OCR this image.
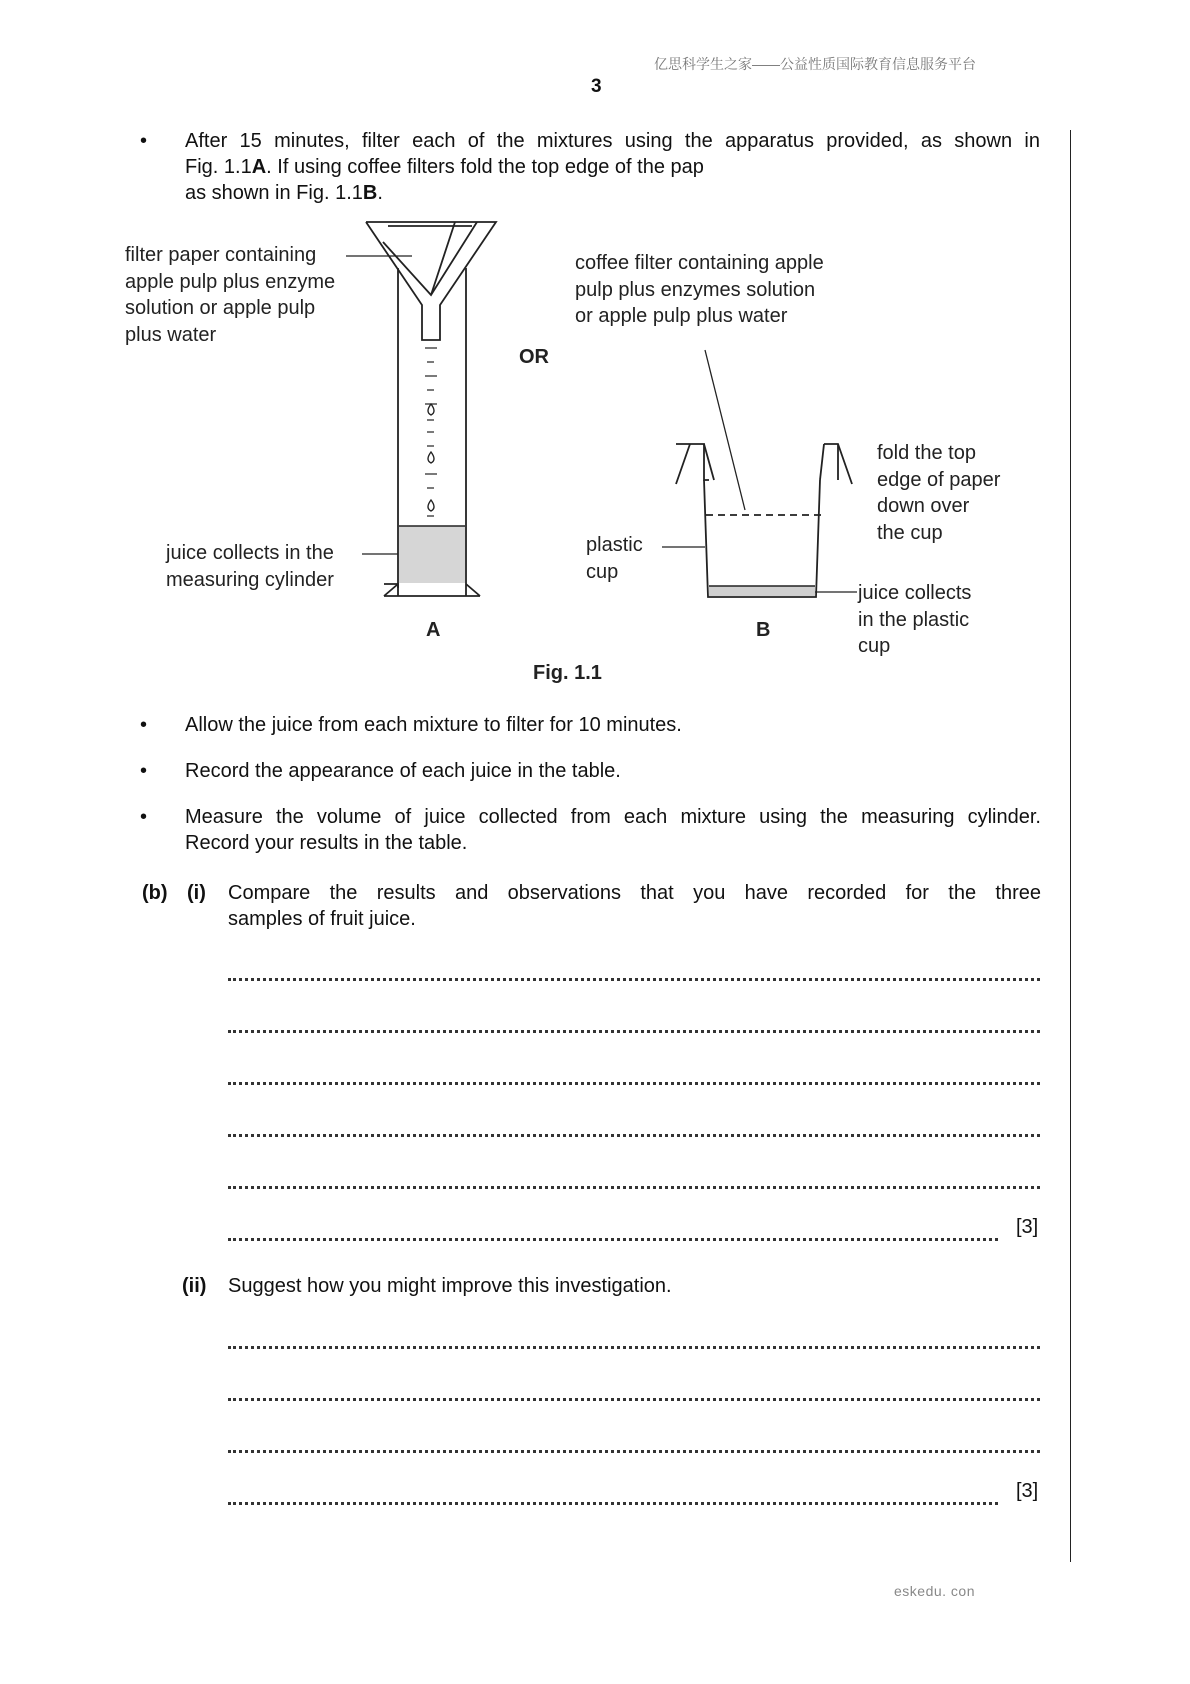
亿思科学生之家——公益性质国际教育信息服务平台
3
• After 15 minutes, filter each of the mixtures using the apparatus provided, as shown in
Fig. 1.1A. If using coffee filters fold the top edge of the pap
as shown in Fig. 1.1B.
filter paper containing
apple pulp plus enzyme
solution or apple pulp
plus water
juice collects in the
measuring cylinder
OR
coffee filter containing apple
pulp plus enzymes solution
or apple pulp plus water
fold the top
edge of paper
down over
the cup
plastic
cup
juice collects
in the plastic
cup
A	B
Fig. 1.1
• Allow the juice from each mixture to filter for 10 minutes.
• Record the appearance of each juice in the table.
• Measure the volume of juice collected from each mixture using the measuring cylinder.
Record your results in the table.
(b) (i) Compare the results and observations that you have recorded for the three
samples of fruit juice.
[3]
(ii) Suggest how you might improve this investigation.
[3]
eskedu. con
